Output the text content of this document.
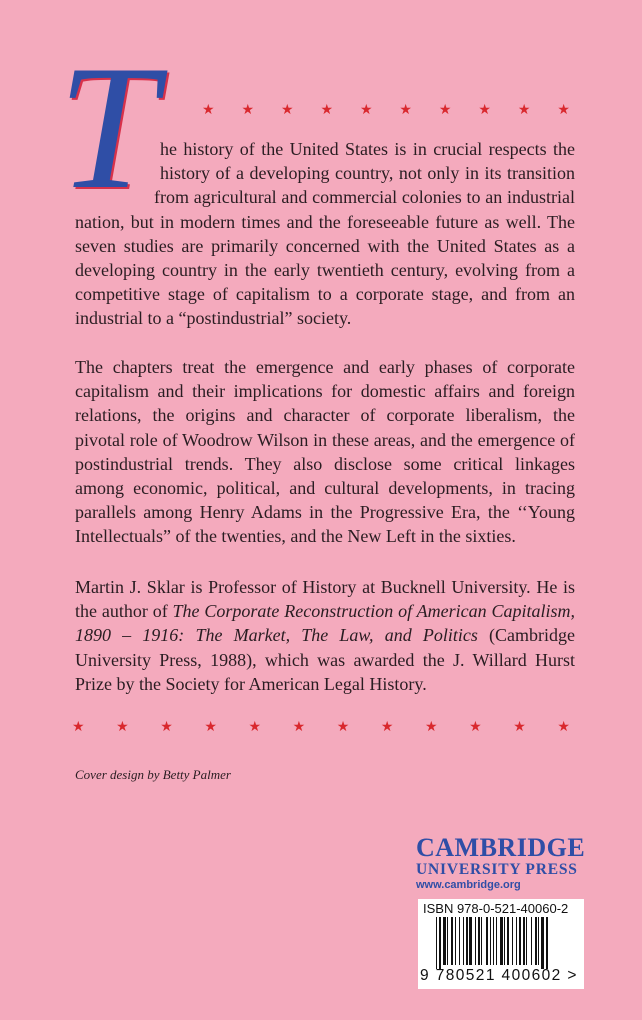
★ ★ ★ ★ ★ ★ ★ ★ ★ ★
T he history of the United States is in crucial respects the
history of a developing country, not only in its transition
from agricultural and commercial colonies to an industrial
nation, but in modern times and the foreseeable future as well. The seven studies are primarily concerned with the United States as a developing country in the early twentieth century, evolving from a competitive stage of capitalism to a corporate stage, and from an industrial to a “postindustrial” society.
The chapters treat the emergence and early phases of corporate capitalism and their implications for domestic affairs and foreign relations, the origins and character of corporate liberalism, the pivotal role of Woodrow Wilson in these areas, and the emergence of postindustrial trends. They also disclose some critical linkages among economic, political, and cultural developments, in tracing parallels among Henry Adams in the Progressive Era, the ‘‘Young Intellectuals” of the twenties, and the New Left in the sixties.
Martin J. Sklar is Professor of History at Bucknell University. He is the author of The Corporate Reconstruction of American Capitalism, 1890 – 1916: The Market, The Law, and Politics (Cambridge University Press, 1988), which was awarded the J. Willard Hurst Prize by the Society for American Legal History.
★ ★ ★ ★ ★ ★ ★ ★ ★ ★ ★ ★
Cover design by Betty Palmer
CAMBRIDGE
UNIVERSITY PRESS
www.cambridge.org
ISBN 978-0-521-40060-2
9 780521 400602 >
